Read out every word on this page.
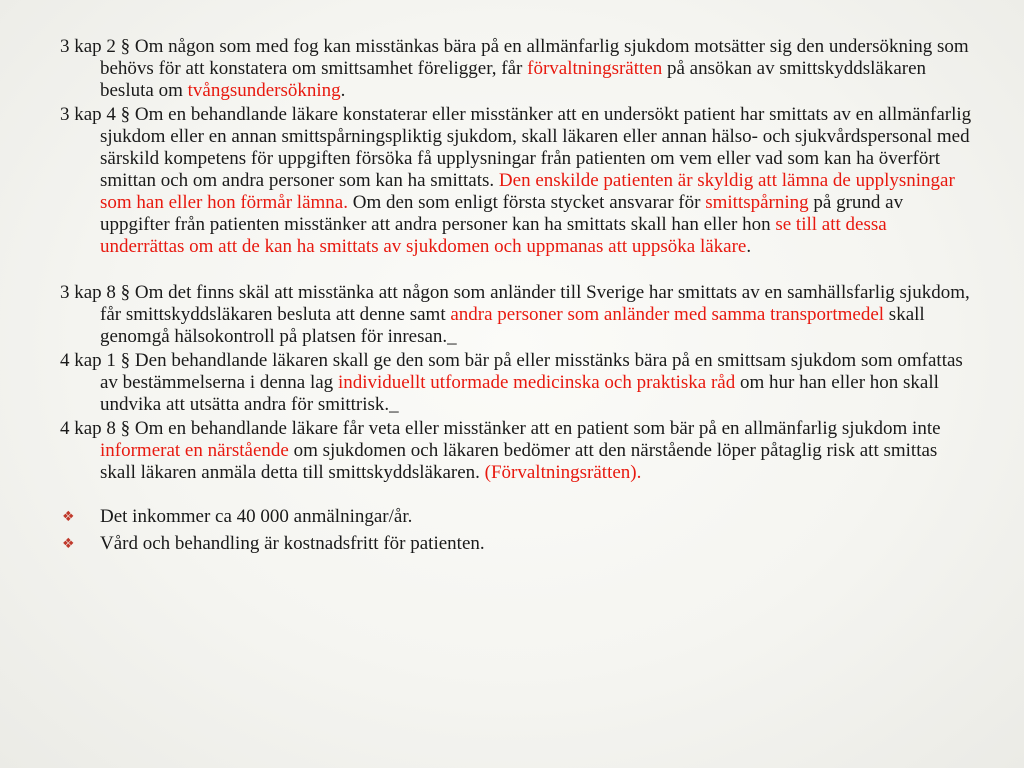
3 kap 2 § Om någon som med fog kan misstänkas bära på en allmänfarlig sjukdom motsätter sig den undersökning som behövs för att konstatera om smittsamhet föreligger, får förvaltningsrätten på ansökan av smittskyddsläkaren besluta om tvångsundersökning.

3 kap 4 § Om en behandlande läkare konstaterar eller misstänker att en undersökt patient har smittats av en allmänfarlig sjukdom eller en annan smittspårningspliktig sjukdom, skall läkaren eller annan hälso- och sjukvårdspersonal med särskild kompetens för uppgiften försöka få upplysningar från patienten om vem eller vad som kan ha överfört smittan och om andra personer som kan ha smittats. Den enskilde patienten är skyldig att lämna de upplysningar som han eller hon förmår lämna. Om den som enligt första stycket ansvarar för smittspårning på grund av uppgifter från patienten misstänker att andra personer kan ha smittats skall han eller hon se till att dessa underrättas om att de kan ha smittats av sjukdomen och uppmanas att uppsöka läkare.

3 kap 8 § Om det finns skäl att misstänka att någon som anländer till Sverige har smittats av en samhällsfarlig sjukdom, får smittskyddsläkaren besluta att denne samt andra personer som anländer med samma transportmedel skall genomgå hälsokontroll på platsen för inresan._

4 kap 1 § Den behandlande läkaren skall ge den som bär på eller misstänks bära på en smittsam sjukdom som omfattas av bestämmelserna i denna lag individuellt utformade medicinska och praktiska råd om hur han eller hon skall undvika att utsätta andra för smittrisk._

4 kap 8 § Om en behandlande läkare får veta eller misstänker att en patient som bär på en allmänfarlig sjukdom inte informerat en närstående om sjukdomen och läkaren bedömer att den närstående löper påtaglig risk att smittas skall läkaren anmäla detta till smittskyddsläkaren. (Förvaltningsrätten).

❖ Det inkommer ca 40 000 anmälningar/år.
❖ Vård och behandling är kostnadsfritt för patienten.
